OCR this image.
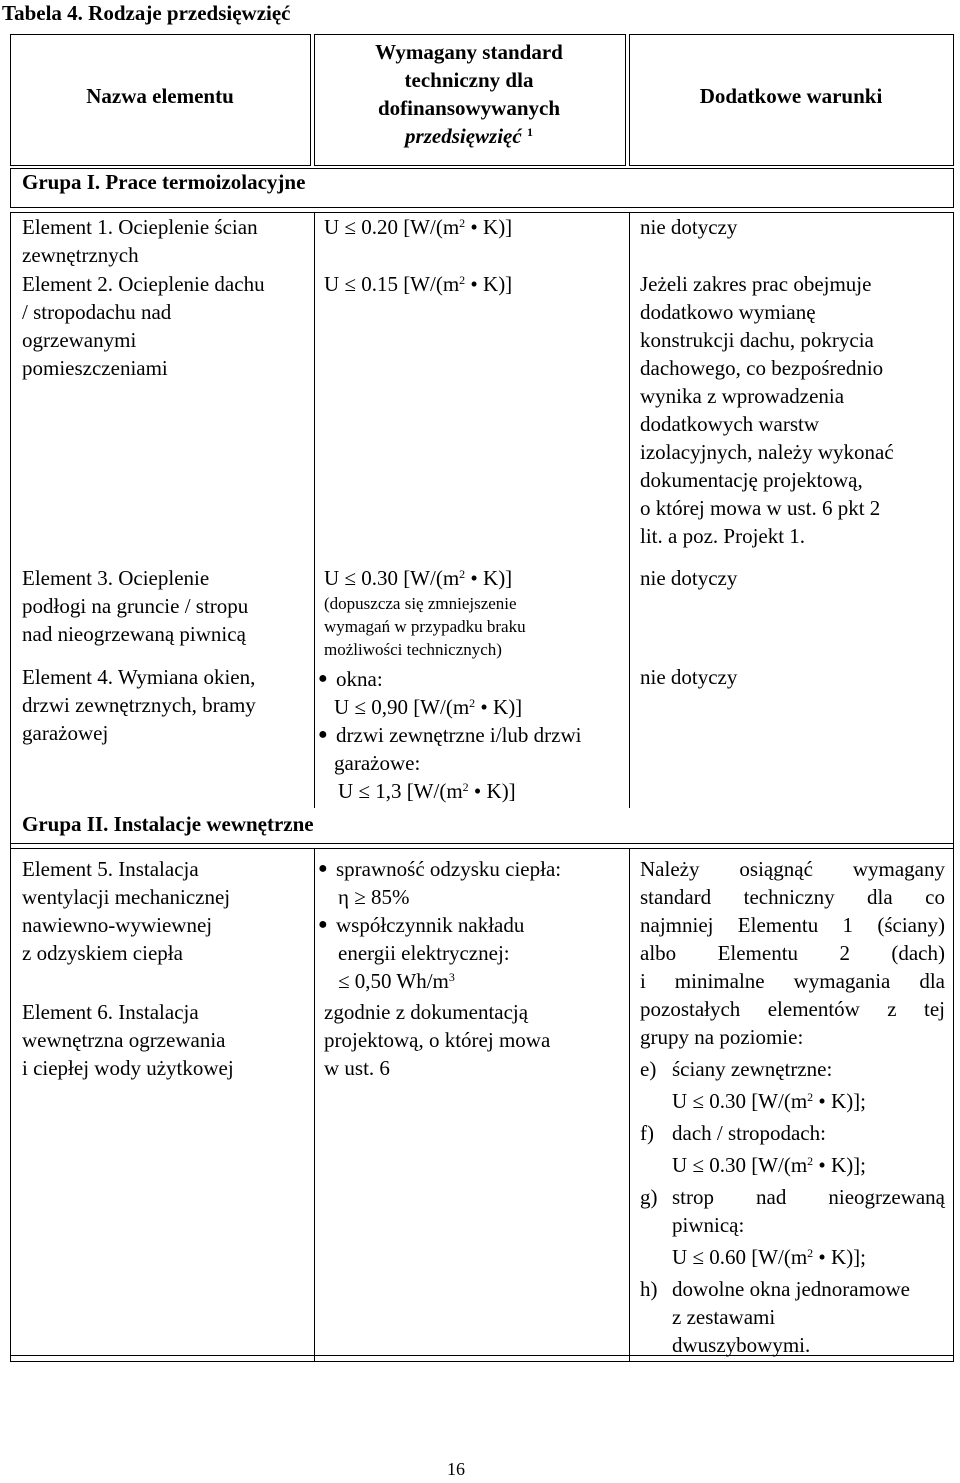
Tabela 4. Rodzaje przedsięwzięć
Nazwa elementu
Wymagany standard
techniczny dla
dofinansowywanych
przedsięwzięć $^1$
Dodatkowe warunki
Grupa I. Prace termoizolacyjne
Element 1. Ocieplenie ścian
zewnętrznych
U ≤ 0.20 [$W/(m^2$ • K)]	nie dotyczy
Element 2. Ocieplenie dachu
/ stropodachu nad
ogrzewanymi
pomieszczeniami
U ≤ 0.15 [$W/(m^2$ • K)]	Jeżeli zakres prac obejmuje
dodatkowo wymianę
konstrukcji dachu, pokrycia
dachowego, co bezpośrednio
wynika z wprowadzenia
dodatkowych warstw
izolacyjnych, należy wykonać
dokumentację projektową,
o której mowa w ust. 6 pkt 2
lit. a poz. Projekt 1.
Element 3. Ocieplenie
podłogi na gruncie / stropu
nad nieogrzewaną piwnicą
U ≤ 0.30 [$W/(m^2$ • K)]
(dopuszcza się zmniejszenie
wymagań w przypadku braku
możliwości technicznych)
nie dotyczy
Element 4. Wymiana okien,
drzwi zewnętrznych, bramy
garażowej
● okna:
U ≤ 0,90 [$W/(m^2$ • K)]
● drzwi zewnętrzne i/lub drzwi
garażowe:
U ≤ 1,3 [$W/(m^2$ • K)]
nie dotyczy
Grupa II. Instalacje wewnętrzne
Element 5. Instalacja
wentylacji mechanicznej
nawiewno-wywiewnej
z odzyskiem ciepła
● sprawność odzysku ciepła:
η ≥ 85%
● współczynnik nakładu
energii elektrycznej:
≤ 0,50 $Wh/m^3$
Element 6. Instalacja
wewnętrzna ogrzewania
i ciepłej wody użytkowej
zgodnie z dokumentacją
projektową, o której mowa
w ust. 6
Należy osiągnąć wymagany
standard techniczny dla co
najmniej Elementu 1 (ściany)
albo Elementu 2 (dach)
i minimalne wymagania dla
pozostałych elementów z tej
grupy na poziomie:
e) ściany zewnętrzne:
U ≤ 0.30 [$W/(m^2$ • K)];
f) dach / stropodach:
U ≤ 0.30 [$W/(m^2$ • K)];
g) strop nad nieogrzewaną
piwnicą:
U ≤ 0.60 [$W/(m^2$ • K)];
h) dowolne okna jednoramowe
z zestawami
dwuszybowymi.
16
